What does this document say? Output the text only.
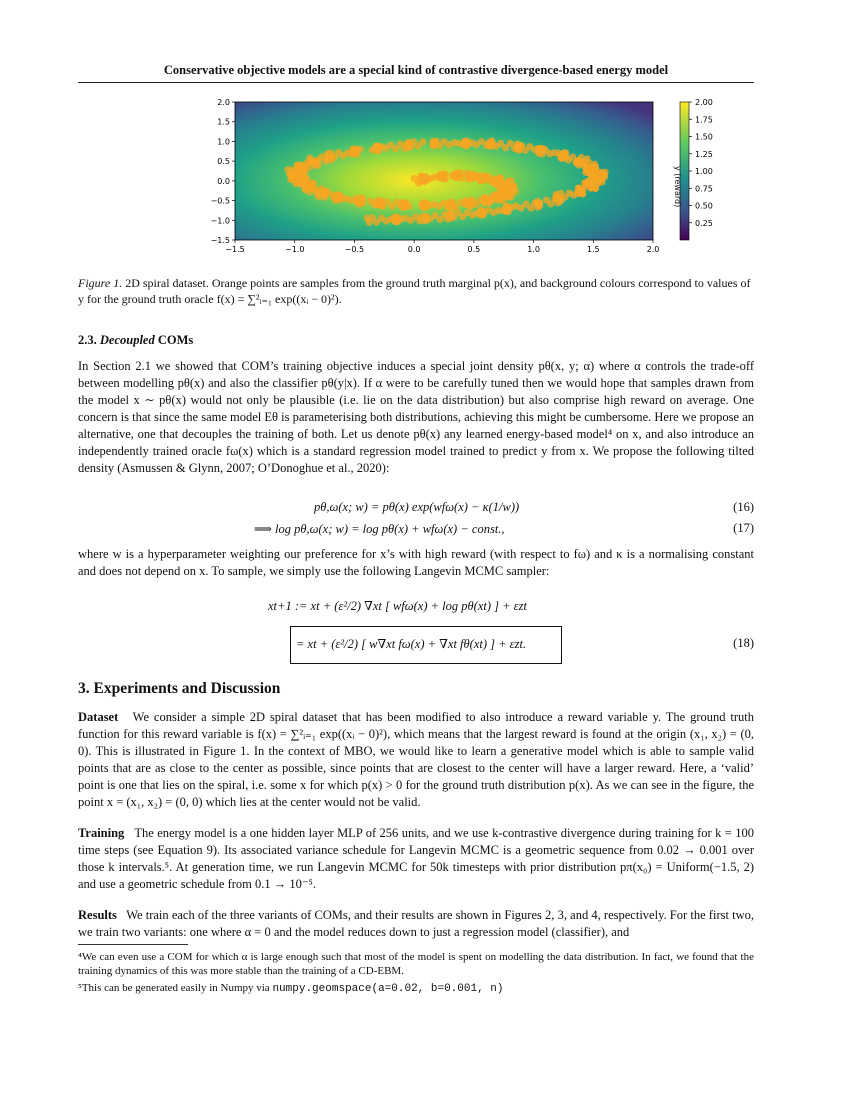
Conservative objective models are a special kind of contrastive divergence-based energy model
−1.5	−1.0	−0.5	0.0	0.5	1.0	1.5	2.0
−1.5
−1.0
−0.5
0.0
0.5
1.0
1.5
2.0
0.25
0.50
0.75
1.00
1.25
1.50
1.75
2.00
y (reward)
Figure 1. 2D spiral dataset. Orange points are samples from the ground truth marginal p(x), and background colours correspond to values of y for the ground truth oracle f(x) = ∑²ᵢ₌₁ exp((xᵢ − 0)²).
2.3. Decoupled COMs
In Section 2.1 we showed that COM’s training objective induces a special joint density pθ(x, y; α) where α controls the trade-off between modelling pθ(x) and also the classifier pθ(y|x). If α were to be carefully tuned then we would hope that samples drawn from the model x ∼ pθ(x) would not only be plausible (i.e. lie on the data distribution) but also comprise high reward on average. One concern is that since the same model Eθ is parameterising both distributions, achieving this might be cumbersome. Here we propose an alternative, one that decouples the training of both. Let us denote pθ(x) any learned energy-based model⁴ on x, and also introduce an independently trained oracle fω(x) which is a standard regression model trained to predict y from x. We propose the following tilted density (Asmussen & Glynn, 2007; O’Donoghue et al., 2020):
pθ,ω(x; w) = pθ(x) exp(wfω(x) − κ(1/w))	(16)
⟹ log pθ,ω(x; w) = log pθ(x) + wfω(x) − const.,	(17)
where w is a hyperparameter weighting our preference for x’s with high reward (with respect to fω) and κ is a normalising constant and does not depend on x. To sample, we simply use the following Langevin MCMC sampler:
xt+1 := xt + (ε²/2) ∇xt [ wfω(x) + log pθ(xt) ] + εzt
= xt + (ε²/2) [ w∇xt fω(x) + ∇xt fθ(xt) ] + εzt.	(18)
3. Experiments and Discussion
Dataset We consider a simple 2D spiral dataset that has been modified to also introduce a reward variable y. The ground truth function for this reward variable is f(x) = ∑²ᵢ₌₁ exp((xᵢ − 0)²), which means that the largest reward is found at the origin (x₁, x₂) = (0, 0). This is illustrated in Figure 1. In the context of MBO, we would like to learn a generative model which is able to sample valid points that are as close to the center as possible, since points that are closest to the center will have a larger reward. Here, a ‘valid’ point is one that lies on the spiral, i.e. some x for which p(x) > 0 for the ground truth distribution p(x). As we can see in the figure, the point x = (x₁, x₂) = (0, 0) which lies at the center would not be valid.
Training The energy model is a one hidden layer MLP of 256 units, and we use k-contrastive divergence during training for k = 100 time steps (see Equation 9). Its associated variance schedule for Langevin MCMC is a geometric sequence from 0.02 → 0.001 over those k intervals.⁵. At generation time, we run Langevin MCMC for 50k timesteps with prior distribution pπ(x₀) = Uniform(−1.5, 2) and use a geometric schedule from 0.1 → 10⁻⁵.
Results We train each of the three variants of COMs, and their results are shown in Figures 2, 3, and 4, respectively. For the first two, we train two variants: one where α = 0 and the model reduces down to just a regression model (classifier), and
⁴We can even use a COM for which α is large enough such that most of the model is spent on modelling the data distribution. In fact, we found that the training dynamics of this was more stable than the training of a CD-EBM.
⁵This can be generated easily in Numpy via numpy.geomspace(a=0.02, b=0.001, n)
